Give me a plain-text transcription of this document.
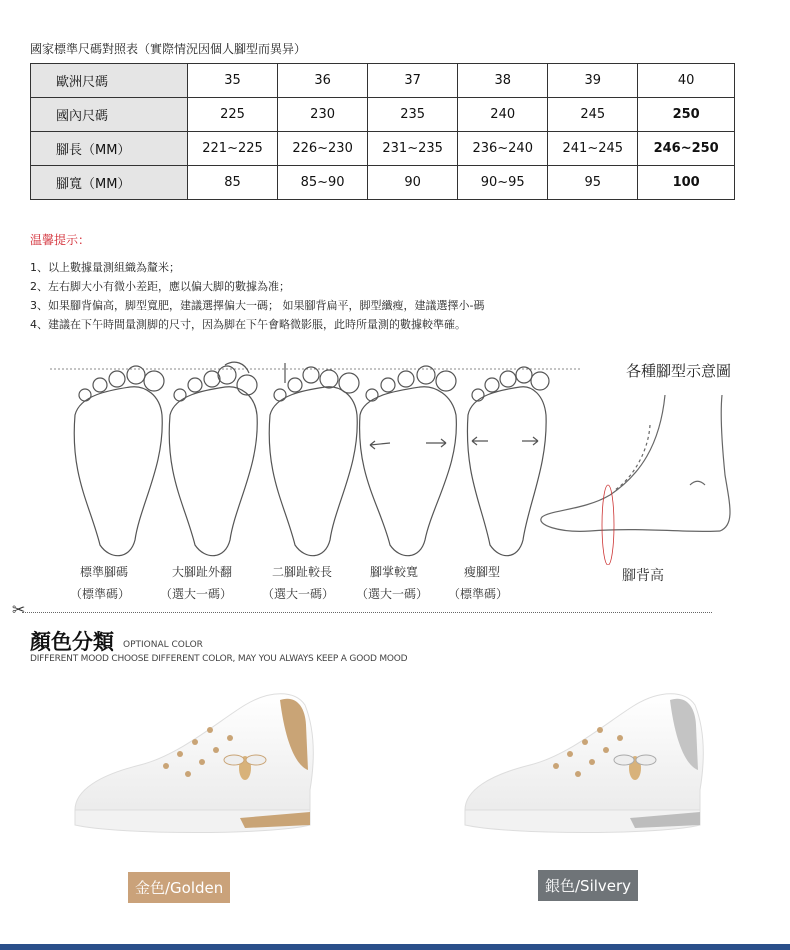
國家標準尺碼對照表（實際情況因個人腳型而異异）
歐洲尺碼	35	36	37	38	39	40
國內尺碼	225	230	235	240	245	250
腳長（MM）	221~225	226~230	231~235	236~240	241~245	246~250
腳寬（MM）	85	85~90	90	90~95	95	100
温馨提示：
1、以上數據量測組織為釐米；
2、左右脚大小有微小差距，應以偏大脚的數據為准；
3、如果腳背偏高，脚型寬肥，建議選擇偏大一碼； 如果腳背扁平，脚型纖瘦，建議選擇小-碼
4、建議在下午時間量測脚的尺寸，因為脚在下午會略微影脹，此時所量測的數據較準確。
各種腳型示意圖
標準腳碼
（標準碼）
大腳趾外翻
（選大一碼）
二腳趾較長
（選大一碼）
腳掌較寬
（選大一碼）
瘦腳型
（標準碼）
腳背高
✂
顏色分類 OPTIONAL COLOR
DIFFERENT MOOD CHOOSE DIFFERENT COLOR, MAY YOU ALWAYS KEEP A GOOD MOOD
金色/Golden	銀色/Silvery
